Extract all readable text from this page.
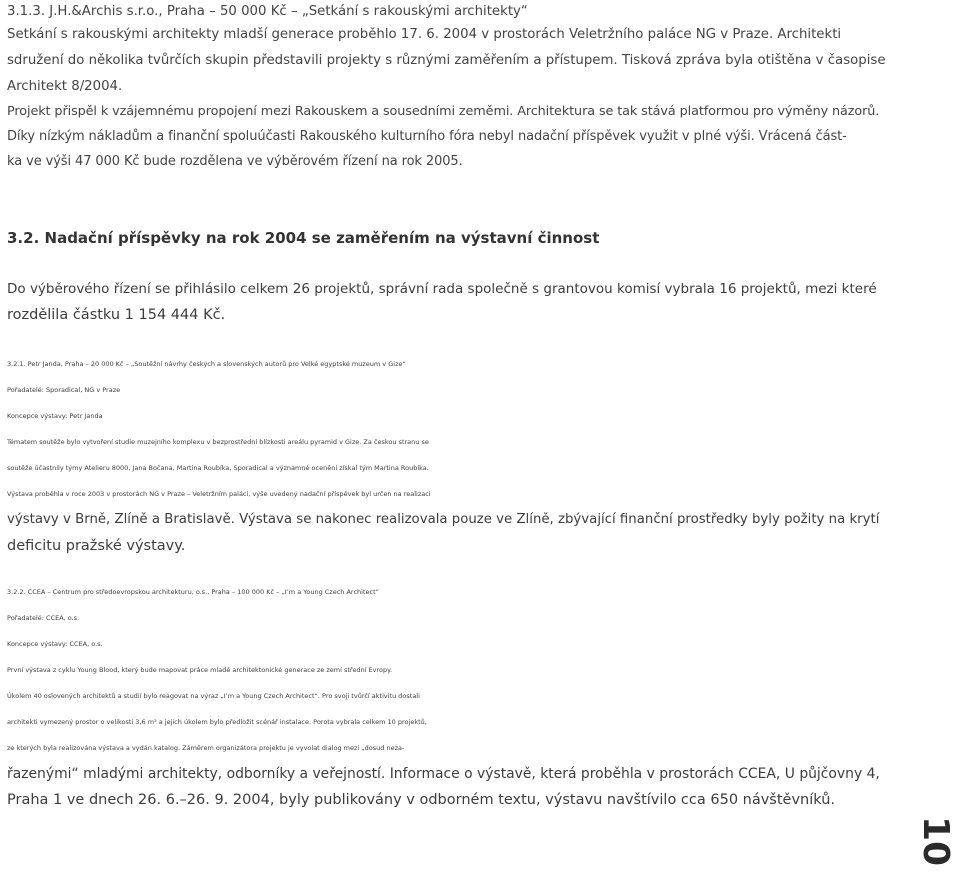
3.1.3. J.H.&Archis s.r.o., Praha – 50 000 Kč – „Setkání s rakouskými architekty“
Setkání s rakouskými architekty mladší generace proběhlo 17. 6. 2004 v prostorách Veletržního paláce NG v Praze. Architekti
sdružení do několika tvůrčích skupin představili projekty s různými zaměřením a přístupem. Tisková zpráva byla otištěna v časopise
Architekt 8/2004.
Projekt přispěl k vzájemnému propojení mezi Rakouskem a sousedními zeměmi. Architektura se tak stává platformou pro výměny názorů.
Díky nízkým nákladům a finanční spoluúčasti Rakouského kulturního fóra nebyl nadační příspěvek využit v plné výši. Vrácená část-
ka ve výši 47 000 Kč bude rozdělena ve výběrovém řízení na rok 2005.
3.2. Nadační příspěvky na rok 2004 se zaměřením na výstavní činnost
Do výběrového řízení se přihlásilo celkem 26 projektů, správní rada společně s grantovou komisí vybrala 16 projektů, mezi které
rozdělila částku 1 154 444 Kč.
3.2.1. Petr Janda, Praha – 20 000 Kč – „Soutěžní návrhy českých a slovenských autorů pro Velké egyptské muzeum v Gize“
Pořadatelé: Sporadical, NG v Praze
Koncepce výstavy: Petr Janda
Tématem soutěže bylo vytvoření studie muzejního komplexu v bezprostřední blízkosti areálu pyramid v Gize. Za českou stranu se
soutěže účastnily týmy Atelieru 8000, Jana Bočana, Martina Roubíka, Sporadical a významné ocenění získal tým Martina Roubíka.
Výstava proběhla v roce 2003 v prostorách NG v Praze – Veletržním paláci, výše uvedený nadační příspěvek byl určen na realizaci
výstavy v Brně, Zlíně a Bratislavě. Výstava se nakonec realizovala pouze ve Zlíně, zbývající finanční prostředky byly požity na krytí
deficitu pražské výstavy.
3.2.2. CCEA – Centrum pro středoevropskou architekturu, o.s., Praha – 100 000 Kč – „I’m a Young Czech Architect“
Pořadatelé: CCEA, o.s.
Koncepce výstavy: CCEA, o.s.
První výstava z cyklu Young Blood, který bude mapovat práce mladé architektonické generace ze zemí střední Evropy.
Úkolem 40 oslovených architektů a studií bylo reagovat na výraz „I’m a Young Czech Architect“. Pro svoji tvůrčí aktivitu dostali
architekti vymezený prostor o velikosti 3,6 m³ a jejich úkolem bylo předložit scénář instalace. Porota vybrala celkem 10 projektů,
ze kterých byla realizována výstava a vydán katalog. Záměrem organizátora projektu je vyvolat dialog mezi „dosud neza-
řazenými“ mladými architekty, odborníky a veřejností. Informace o výstavě, která proběhla v prostorách CCEA, U půjčovny 4,
Praha 1 ve dnech 26. 6.–26. 9. 2004, byly publikovány v odborném textu, výstavu navštívilo cca 650 návštěvníků.
10
